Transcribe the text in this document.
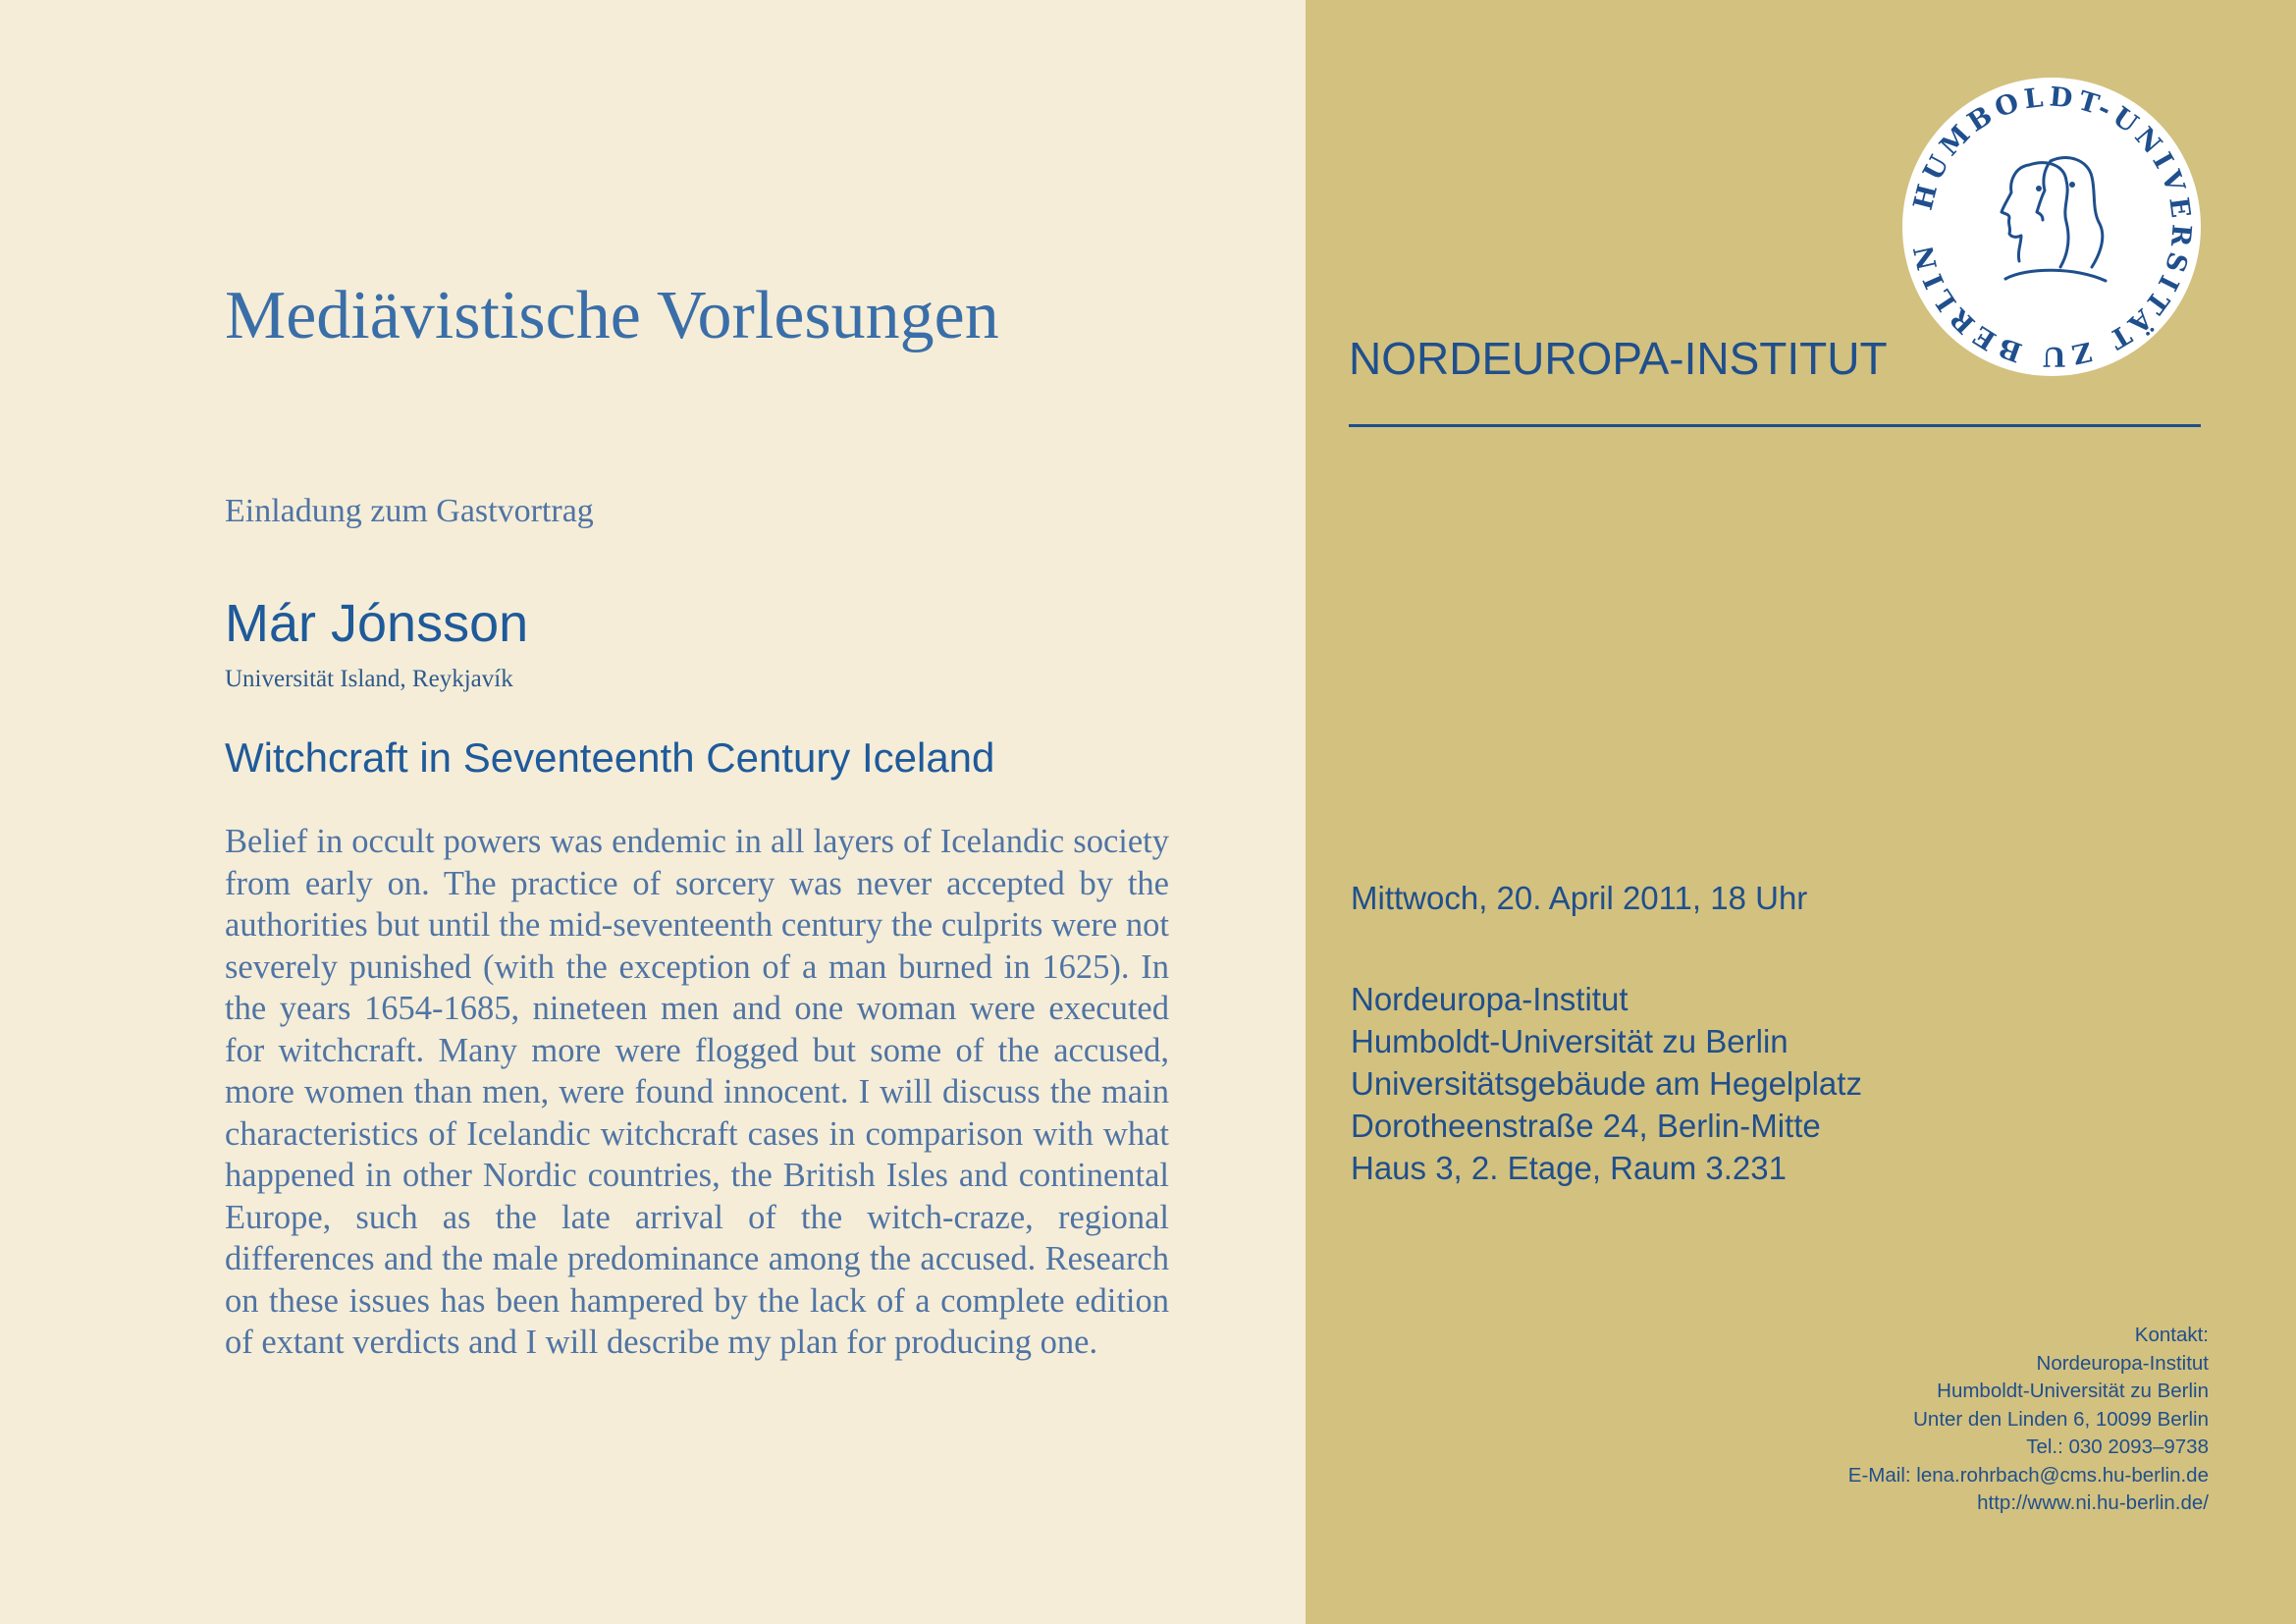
Mediävistische Vorlesungen
Einladung zum Gastvortrag
Már Jónsson
Universität Island, Reykjavík
Witchcraft in Seventeenth Century Iceland

Belief in occult powers was endemic in all layers of Icelandic society from early on. The practice of sorcery was never accepted by the authorities but until the mid-seventeenth century the culprits were not severely punished (with the exception of a man burned in 1625). In the years 1654-1685, nineteen men and one woman were executed for witchcraft. Many more were flogged but some of the accused, more women than men, were found innocent. I will discuss the main characteristics of Icelandic witchcraft cases in comparison with what happened in other Nordic countries, the British Isles and continental Europe, such as the late arrival of the witch-craze, regional differences and the male predominance among the accused. Research on these issues has been hampered by the lack of a complete edition of extant verdicts and I will describe my plan for producing one.

NORDEUROPA-INSTITUT
HUMBOLDT-UNIVERSITÄT ZU BERLIN
Mittwoch, 20. April 2011, 18 Uhr
Nordeuropa-Institut
Humboldt-Universität zu Berlin
Universitätsgebäude am Hegelplatz
Dorotheenstraße 24, Berlin-Mitte
Haus 3, 2. Etage, Raum 3.231
Kontakt:
Nordeuropa-Institut
Humboldt-Universität zu Berlin
Unter den Linden 6, 10099 Berlin
Tel.: 030 2093–9738
E-Mail: lena.rohrbach@cms.hu-berlin.de
http://www.ni.hu-berlin.de/
